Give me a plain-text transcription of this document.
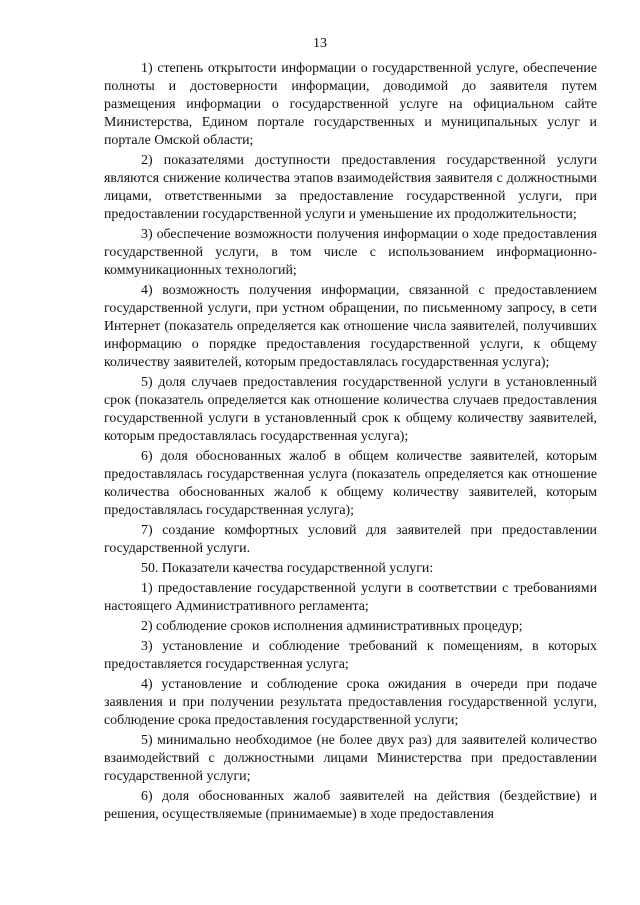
13

1) степень открытости информации о государственной услуге, обеспечение полноты и достоверности информации, доводимой до заявителя путем размещения информации о государственной услуге на официальном сайте Министерства, Едином портале государственных и муниципальных услуг и портале Омской области;

2) показателями доступности предоставления государственной услуги являются снижение количества этапов взаимодействия заявителя с должностными лицами, ответственными за предоставление государственной услуги, при предоставлении государственной услуги и уменьшение их продолжительности;

3) обеспечение возможности получения информации о ходе предоставления государственной услуги, в том числе с использованием информационно-коммуникационных технологий;

4) возможность получения информации, связанной с предоставлением государственной услуги, при устном обращении, по письменному запросу, в сети Интернет (показатель определяется как отношение числа заявителей, получивших информацию о порядке предоставления государственной услуги, к общему количеству заявителей, которым предоставлялась государственная услуга);

5) доля случаев предоставления государственной услуги в установленный срок (показатель определяется как отношение количества случаев предоставления государственной услуги в установленный срок к общему количеству заявителей, которым предоставлялась государственная услуга);

6) доля обоснованных жалоб в общем количестве заявителей, которым предоставлялась государственная услуга (показатель определяется как отношение количества обоснованных жалоб к общему количеству заявителей, которым предоставлялась государственная услуга);

7) создание комфортных условий для заявителей при предоставлении государственной услуги.

50. Показатели качества государственной услуги:

1) предоставление государственной услуги в соответствии с требованиями настоящего Административного регламента;

2) соблюдение сроков исполнения административных процедур;

3) установление и соблюдение требований к помещениям, в которых предоставляется государственная услуга;

4) установление и соблюдение срока ожидания в очереди при подаче заявления и при получении результата предоставления государственной услуги, соблюдение срока предоставления государственной услуги;

5) минимально необходимое (не более двух раз) для заявителей количество взаимодействий с должностными лицами Министерства при предоставлении государственной услуги;

6) доля обоснованных жалоб заявителей на действия (бездействие) и решения, осуществляемые (принимаемые) в ходе предоставления
